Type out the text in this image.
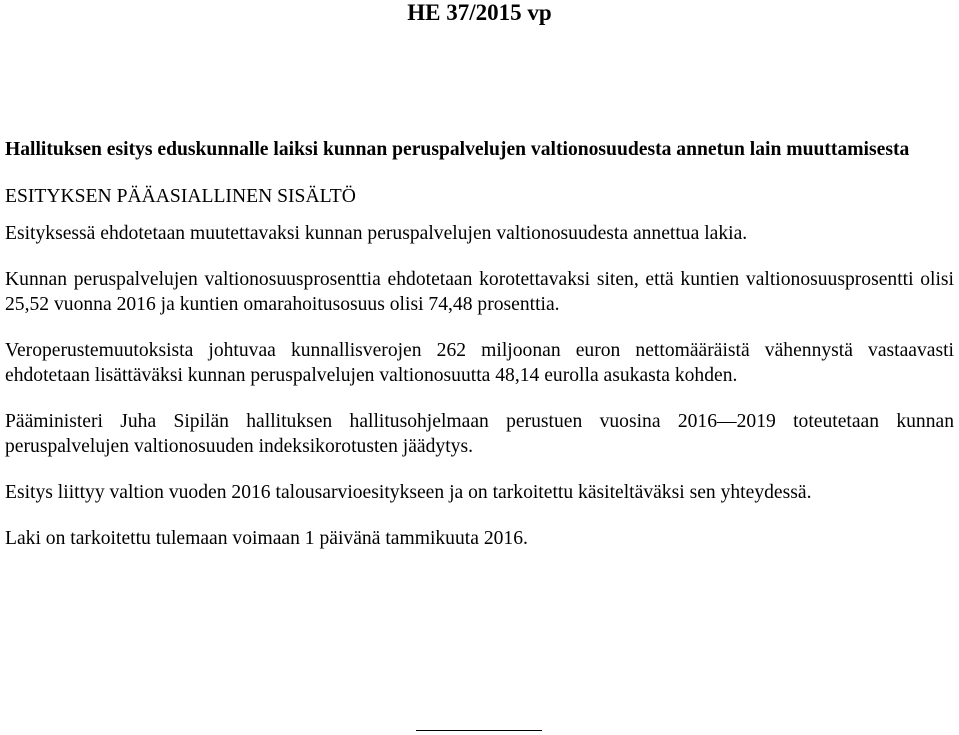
HE 37/2015 vp

Hallituksen esitys eduskunnalle laiksi kunnan peruspalvelujen valtionosuudesta annetun lain muuttamisesta

ESITYKSEN PÄÄASIALLINEN SISÄLTÖ

Esityksessä ehdotetaan muutettavaksi kunnan peruspalvelujen valtionosuudesta annettua lakia.

Kunnan peruspalvelujen valtionosuusprosenttia ehdotetaan korotettavaksi siten, että kuntien valtionosuusprosentti olisi 25,52 vuonna 2016 ja kuntien omarahoitusosuus olisi 74,48 prosenttia.

Veroperustemuutoksista johtuvaa kunnallisverojen 262 miljoonan euron nettomääräistä vähennystä vastaavasti ehdotetaan lisättäväksi kunnan peruspalvelujen valtionosuutta 48,14 eurolla asukasta kohden.

Pääministeri Juha Sipilän hallituksen hallitusohjelmaan perustuen vuosina 2016—2019 toteutetaan kunnan peruspalvelujen valtionosuuden indeksikorotusten jäädytys.

Esitys liittyy valtion vuoden 2016 talousarvioesitykseen ja on tarkoitettu käsiteltäväksi sen yhteydessä.

Laki on tarkoitettu tulemaan voimaan 1 päivänä tammikuuta 2016.
